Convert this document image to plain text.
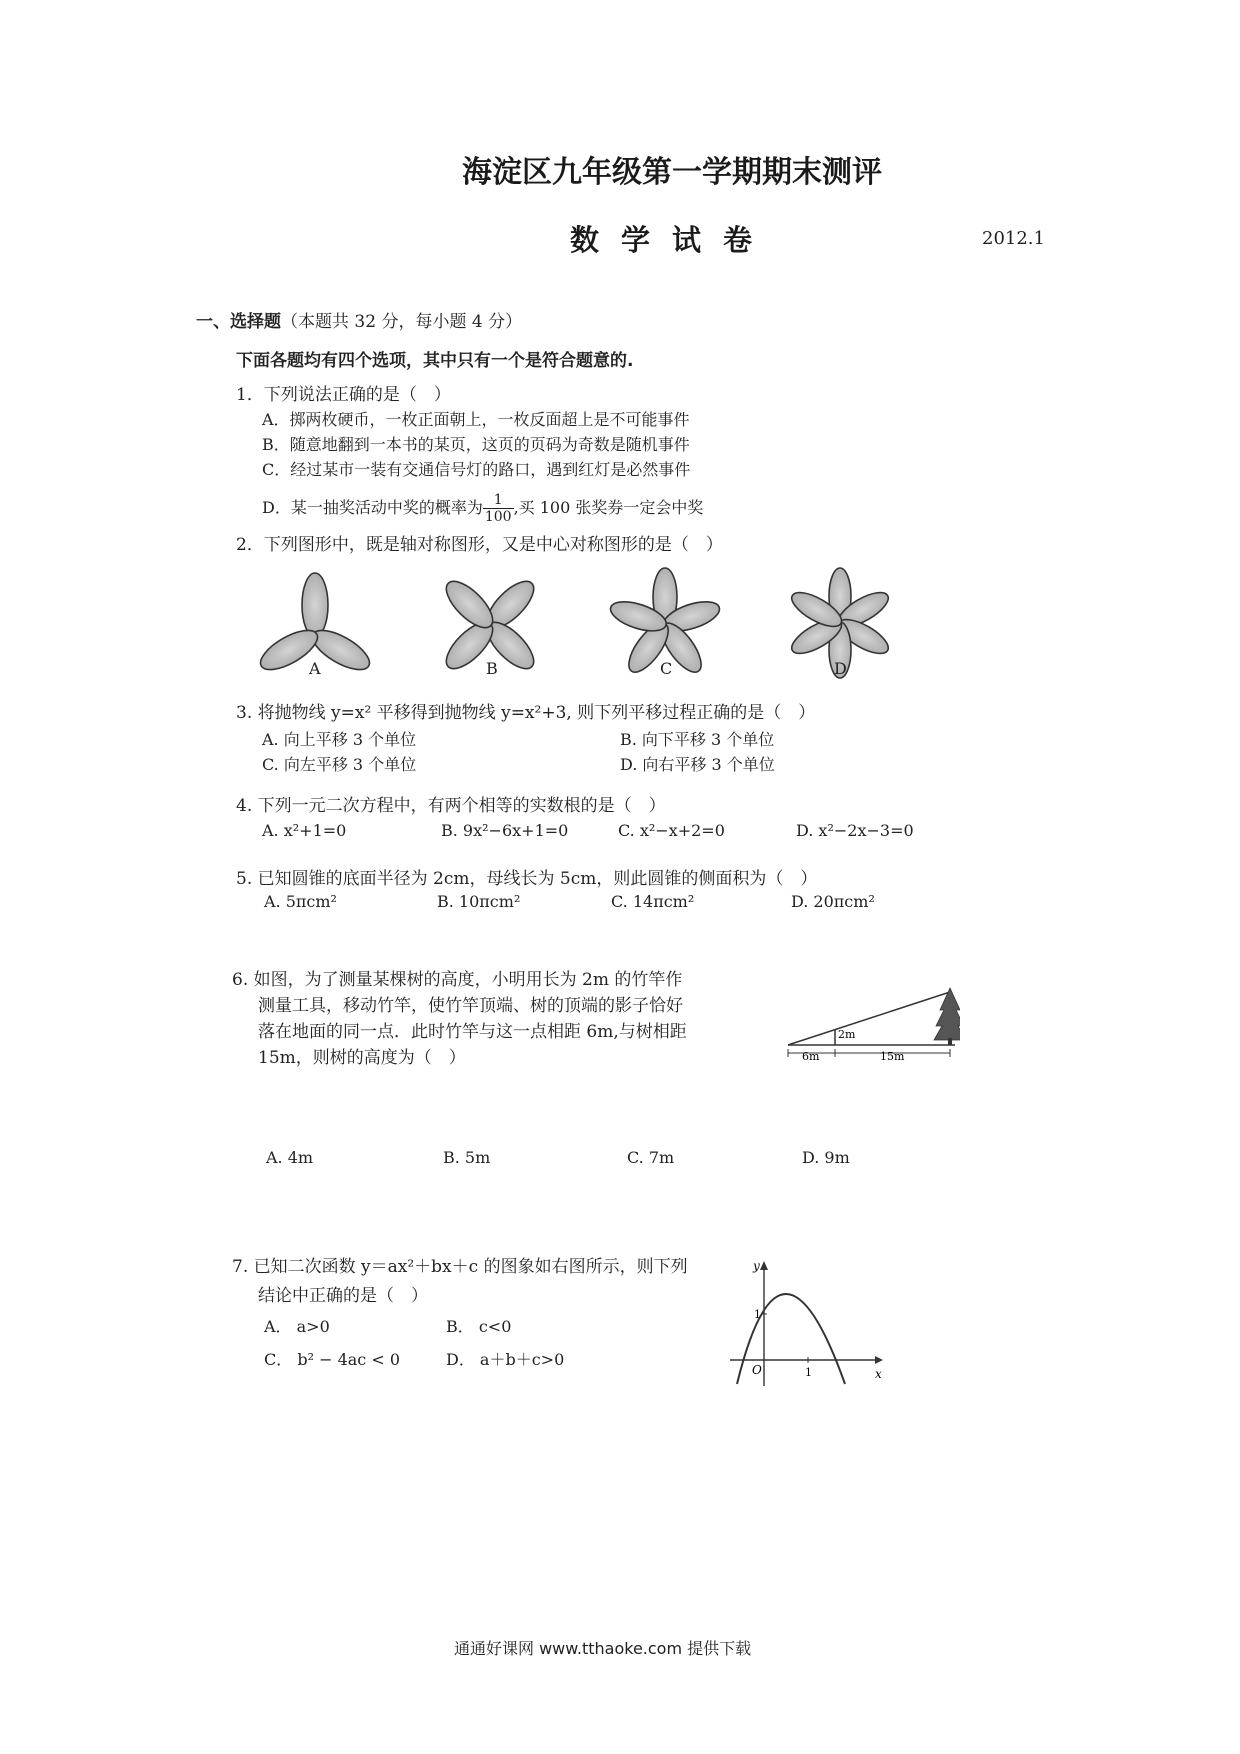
海淀区九年级第一学期期末测评
数学试卷	2012.1
一、选择题（本题共 32 分，每小题 4 分）
下面各题均有四个选项，其中只有一个是符合题意的.
1．下列说法正确的是（　）
A．掷两枚硬币，一枚正面朝上，一枚反面超上是不可能事件
B．随意地翻到一本书的某页，这页的页码为奇数是随机事件
C．经过某市一装有交通信号灯的路口，遇到红灯是必然事件
D．某一抽奖活动中奖的概率为 $\frac{1}{100}$ ,买 100 张奖券一定会中奖
2．下列图形中，既是轴对称图形，又是中心对称图形的是（　）
A	B	C	D
3. 将抛物线 y=x² 平移得到抛物线 y=x²+3, 则下列平移过程正确的是（　）
A. 向上平移 3 个单位	B. 向下平移 3 个单位
C. 向左平移 3 个单位	D. 向右平移 3 个单位
4. 下列一元二次方程中，有两个相等的实数根的是（　）
A. x²+1=0	B. 9x²−6x+1=0	C. x²−x+2=0	D. x²−2x−3=0
5. 已知圆锥的底面半径为 2cm，母线长为 5cm，则此圆锥的侧面积为（　）
A. 5πcm²	B. 10πcm²	C. 14πcm²	D. 20πcm²
6. 如图，为了测量某棵树的高度，小明用长为 2m 的竹竿作
测量工具，移动竹竿，使竹竿顶端、树的顶端的影子恰好
落在地面的同一点．此时竹竿与这一点相距 6m,与树相距
15m，则树的高度为（　）
2m
6m	15m
A. 4m	B. 5m	C. 7m	D. 9m
7. 已知二次函数 y＝ax²＋bx＋c 的图象如右图所示，则下列
结论中正确的是（　）
A． a>0	B． c<0
C． b² − 4ac < 0	D． a＋b＋c>0
y
x
O
1
1
通通好课网 www.tthaoke.com 提供下载
